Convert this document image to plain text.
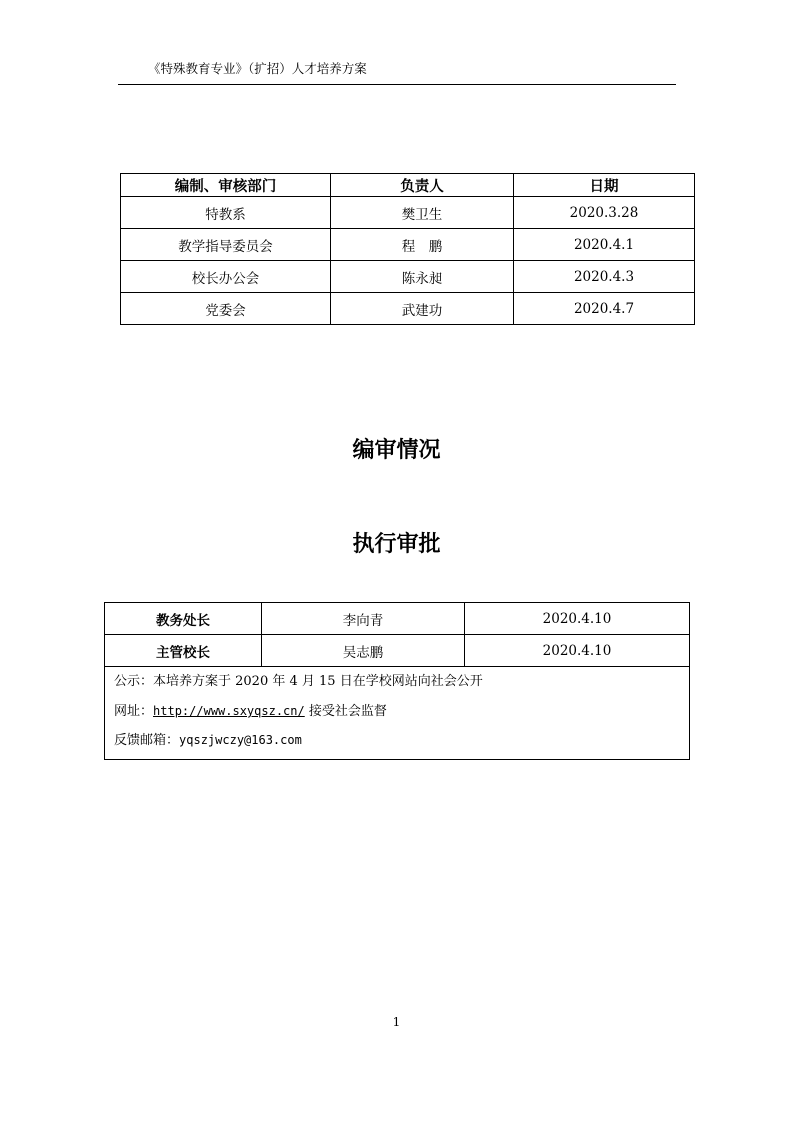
《特殊教育专业》（扩招）人才培养方案
编制、审核部门	负责人	日期
特教系	樊卫生	2020.3.28
教学指导委员会	程　鹏	2020.4.1
校长办公会	陈永昶	2020.4.3
党委会	武建功	2020.4.7
编审情况
执行审批
教务处长	李向青	2020.4.10
主管校长	吴志鹏	2020.4.10

公示：本培养方案于 2020 年 4 月 15 日在学校网站向社会公开
网址：http://www.sxyqsz.cn/ 接受社会监督
反馈邮箱：yqszjwczy@163.com		
1
